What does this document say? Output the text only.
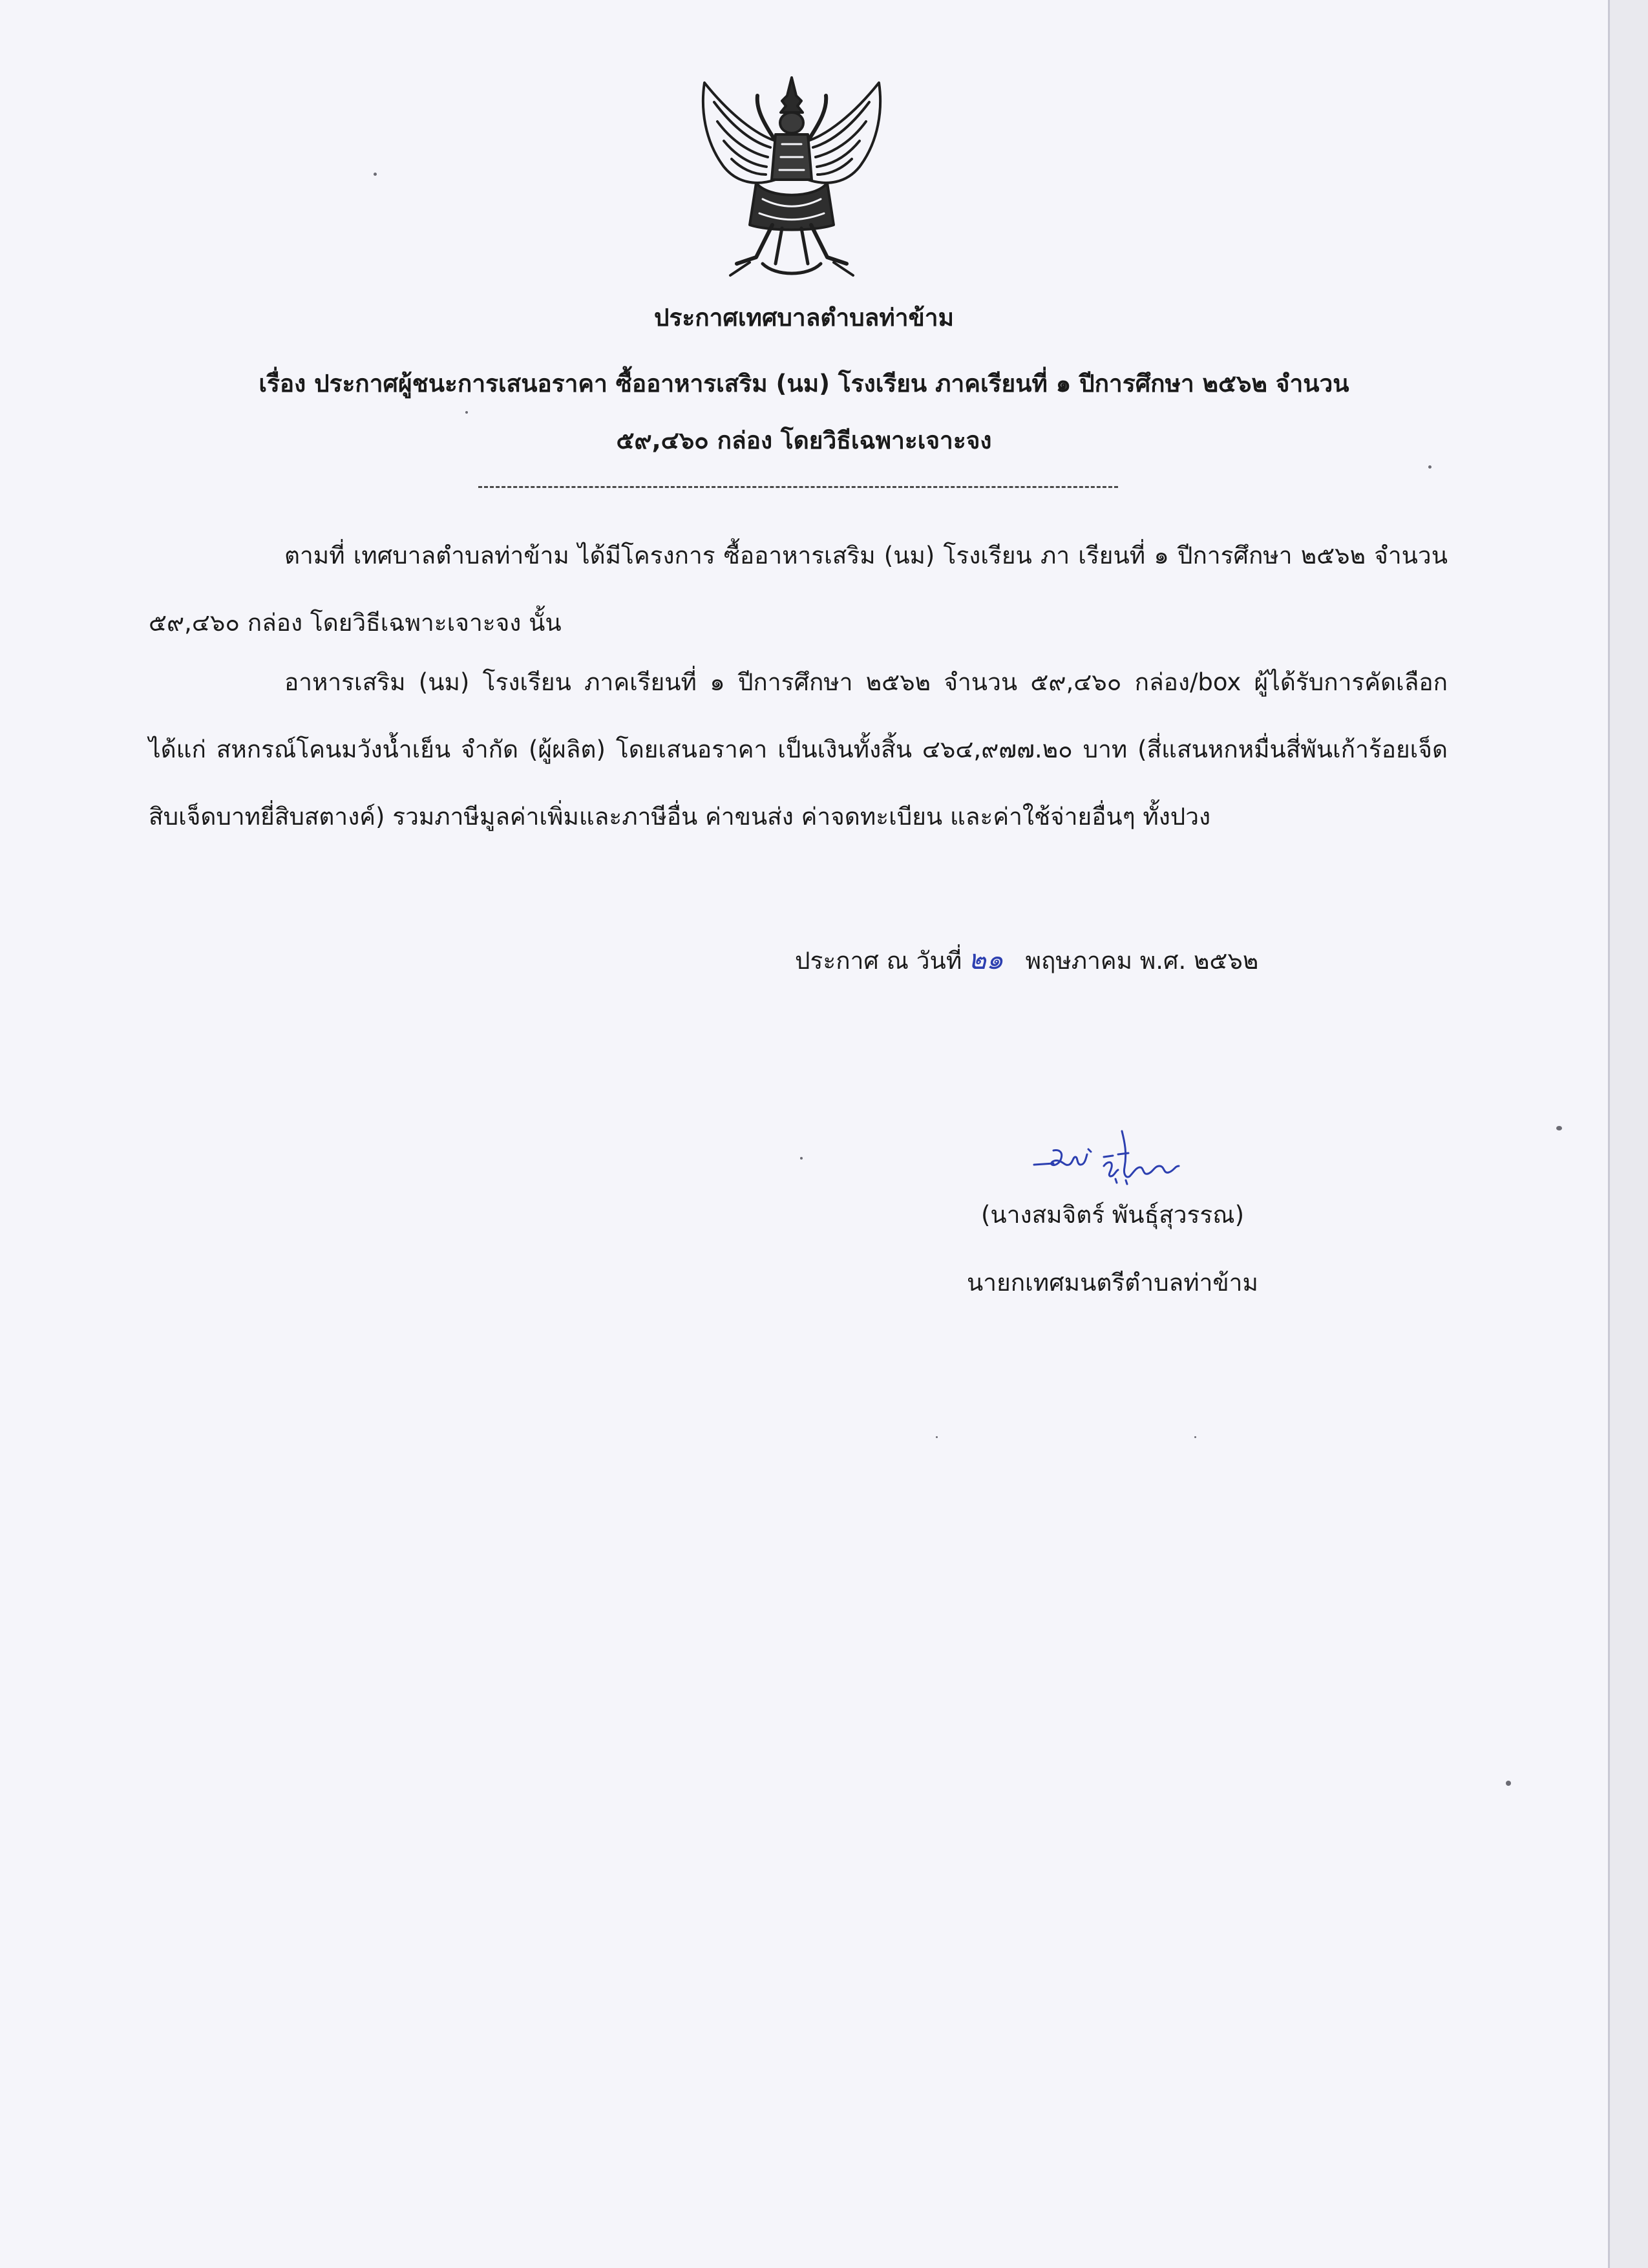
ประกาศเทศบาลตำบลท่าข้าม
เรื่อง ประกาศผู้ชนะการเสนอราคา ซื้ออาหารเสริม (นม) โรงเรียน ภาคเรียนที่ ๑ ปีการศึกษา ๒๕๖๒ จำนวน
๕๙,๔๖๐ กล่อง โดยวิธีเฉพาะเจาะจง
ตามที่ เทศบาลตำบลท่าข้าม ได้มีโครงการ ซื้ออาหารเสริม (นม) โรงเรียน ภา เรียนที่ ๑ ปีการศึกษา ๒๕๖๒ จำนวน ๕๙,๔๖๐ กล่อง โดยวิธีเฉพาะเจาะจง นั้น
อาหารเสริม (นม) โรงเรียน ภาคเรียนที่ ๑ ปีการศึกษา ๒๕๖๒ จำนวน ๕๙,๔๖๐ กล่อง/box ผู้ได้รับการคัดเลือก ได้แก่ สหกรณ์โคนมวังน้ำเย็น จำกัด (ผู้ผลิต) โดยเสนอราคา เป็นเงินทั้งสิ้น ๔๖๔,๙๗๗.๒๐ บาท (สี่แสนหกหมื่นสี่พันเก้าร้อยเจ็ดสิบเจ็ดบาทยี่สิบสตางค์) รวมภาษีมูลค่าเพิ่มและภาษีอื่น ค่าขนส่ง ค่าจดทะเบียน และค่าใช้จ่ายอื่นๆ ทั้งปวง
ประกาศ ณ วันที่ ๒๑ พฤษภาคม พ.ศ. ๒๕๖๒
(นางสมจิตร์ พันธุ์สุวรรณ)
นายกเทศมนตรีตำบลท่าข้าม
